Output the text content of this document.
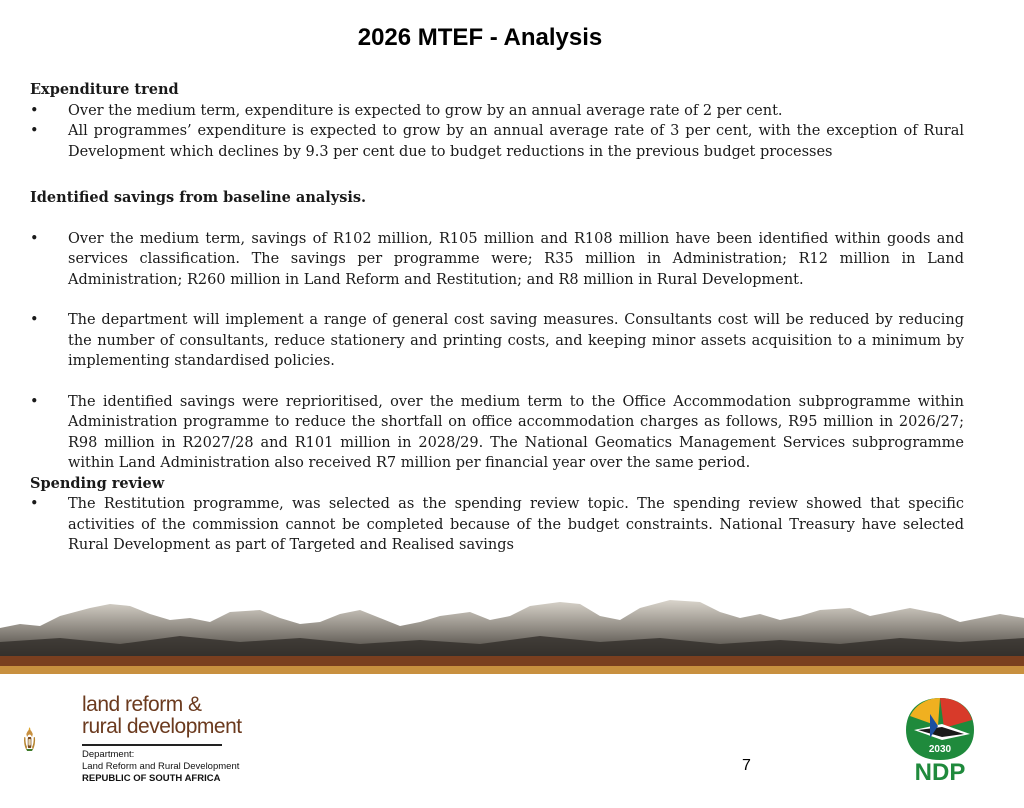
2026 MTEF - Analysis

Expenditure trend

• Over the medium term, expenditure is expected to grow by an annual average rate of 2 per cent.

• All programmes’ expenditure is expected to grow by an annual average rate of 3 per cent, with the exception of Rural Development which declines by 9.3 per cent due to budget reductions in the previous budget processes

Identified savings from baseline analysis.

• Over the medium term, savings of R102 million, R105 million and R108 million have been identified within goods and services classification. The savings per programme were; R35 million in Administration; R12 million in Land Administration; R260 million in Land Reform and Restitution; and R8 million in Rural Development.

• The department will implement a range of general cost saving measures. Consultants cost will be reduced by reducing the number of consultants, reduce stationery and printing costs, and keeping minor assets acquisition to a minimum by implementing standardised policies.

• The identified savings were reprioritised, over the medium term to the Office Accommodation subprogramme within Administration programme to reduce the shortfall on office accommodation charges as follows, R95 million in 2026/27; R98 million in R2027/28 and R101 million in 2028/29. The National Geomatics Management Services subprogramme within Land Administration also received R7 million per financial year over the same period.

Spending review

• The Restitution programme, was selected as the spending review topic. The spending review showed that specific activities of the commission cannot be completed because of the budget constraints. National Treasury have selected Rural Development as part of Targeted and Realised savings

land reform &
rural development
Department:
Land Reform and Rural Development
REPUBLIC OF SOUTH AFRICA
7
2030
NDP
